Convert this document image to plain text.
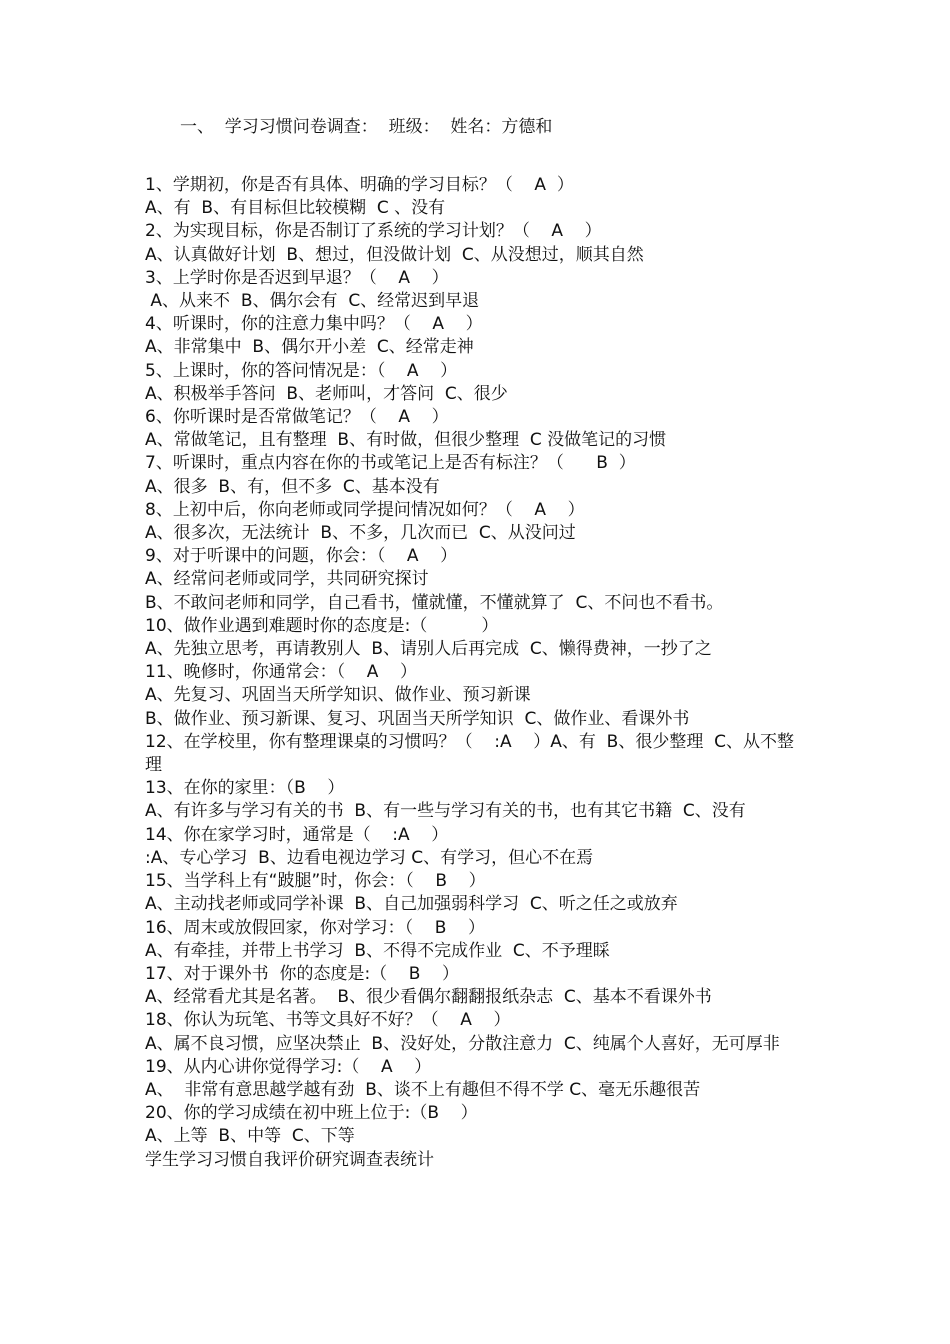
一、  学习习惯问卷调查：  班级：  姓名：方德和

1、学期初，你是否有具体、明确的学习目标？（    A  ）

A、有  B、有目标但比较模糊  C 、没有

2、为实现目标，你是否制订了系统的学习计划？（    A    ）

A、认真做好计划  B、想过，但没做计划  C、从没想过，顺其自然

3、上学时你是否迟到早退？（    A    ）

A、从来不  B、偶尔会有  C、经常迟到早退

4、听课时，你的注意力集中吗？（    A    ）

A、非常集中  B、偶尔开小差  C、经常走神

5、上课时，你的答问情况是：（    A    ）

A、积极举手答问  B、老师叫，才答问  C、很少

6、你听课时是否常做笔记？（    A    ）

A、常做笔记，且有整理  B、有时做，但很少整理  C 没做笔记的习惯

7、听课时，重点内容在你的书或笔记上是否有标注？（      B  ）

A、很多  B、有，但不多  C、基本没有

8、上初中后，你向老师或同学提问情况如何？（    A    ）

A、很多次，无法统计  B、不多，几次而已  C、从没问过

9、对于听课中的问题，你会：（    A    ）

A、经常问老师或同学，共同研究探讨

B、不敢问老师和同学，自己看书，懂就懂，不懂就算了  C、不问也不看书。

10、做作业遇到难题时你的态度是:（          ）

A、先独立思考，再请教别人  B、请别人后再完成  C、懒得费神，一抄了之

11、晚修时，你通常会：（    A    ）

A、先复习、巩固当天所学知识、做作业、预习新课

B、做作业、预习新课、复习、巩固当天所学知识  C、做作业、看课外书

12、在学校里，你有整理课桌的习惯吗？（    :A    ）A、有  B、很少整理  C、从不整理

13、在你的家里：（B    ）

A、有许多与学习有关的书  B、有一些与学习有关的书，也有其它书籍  C、没有

14、你在家学习时，通常是（    :A    ）

:A、专心学习  B、边看电视边学习 C、有学习，但心不在焉

15、当学科上有“跛腿”时，你会：（    B    ）

A、主动找老师或同学补课  B、自己加强弱科学习  C、听之任之或放弃

16、周末或放假回家，你对学习：（    B    ）

A、有牵挂，并带上书学习  B、不得不完成作业  C、不予理睬

17、对于课外书  你的态度是:（    B    ）

A、经常看尤其是名著。  B、很少看偶尔翻翻报纸杂志  C、基本不看课外书

18、你认为玩笔、书等文具好不好？（    A    ）

A、属不良习惯，应坚决禁止  B、没好处，分散注意力  C、纯属个人喜好，无可厚非

19、从内心讲你觉得学习:（    A    ）

A、  非常有意思越学越有劲  B、谈不上有趣但不得不学 C、毫无乐趣很苦

20、你的学习成绩在初中班上位于:（B    ）

A、上等  B、中等  C、下等

学生学习习惯自我评价研究调查表统计
